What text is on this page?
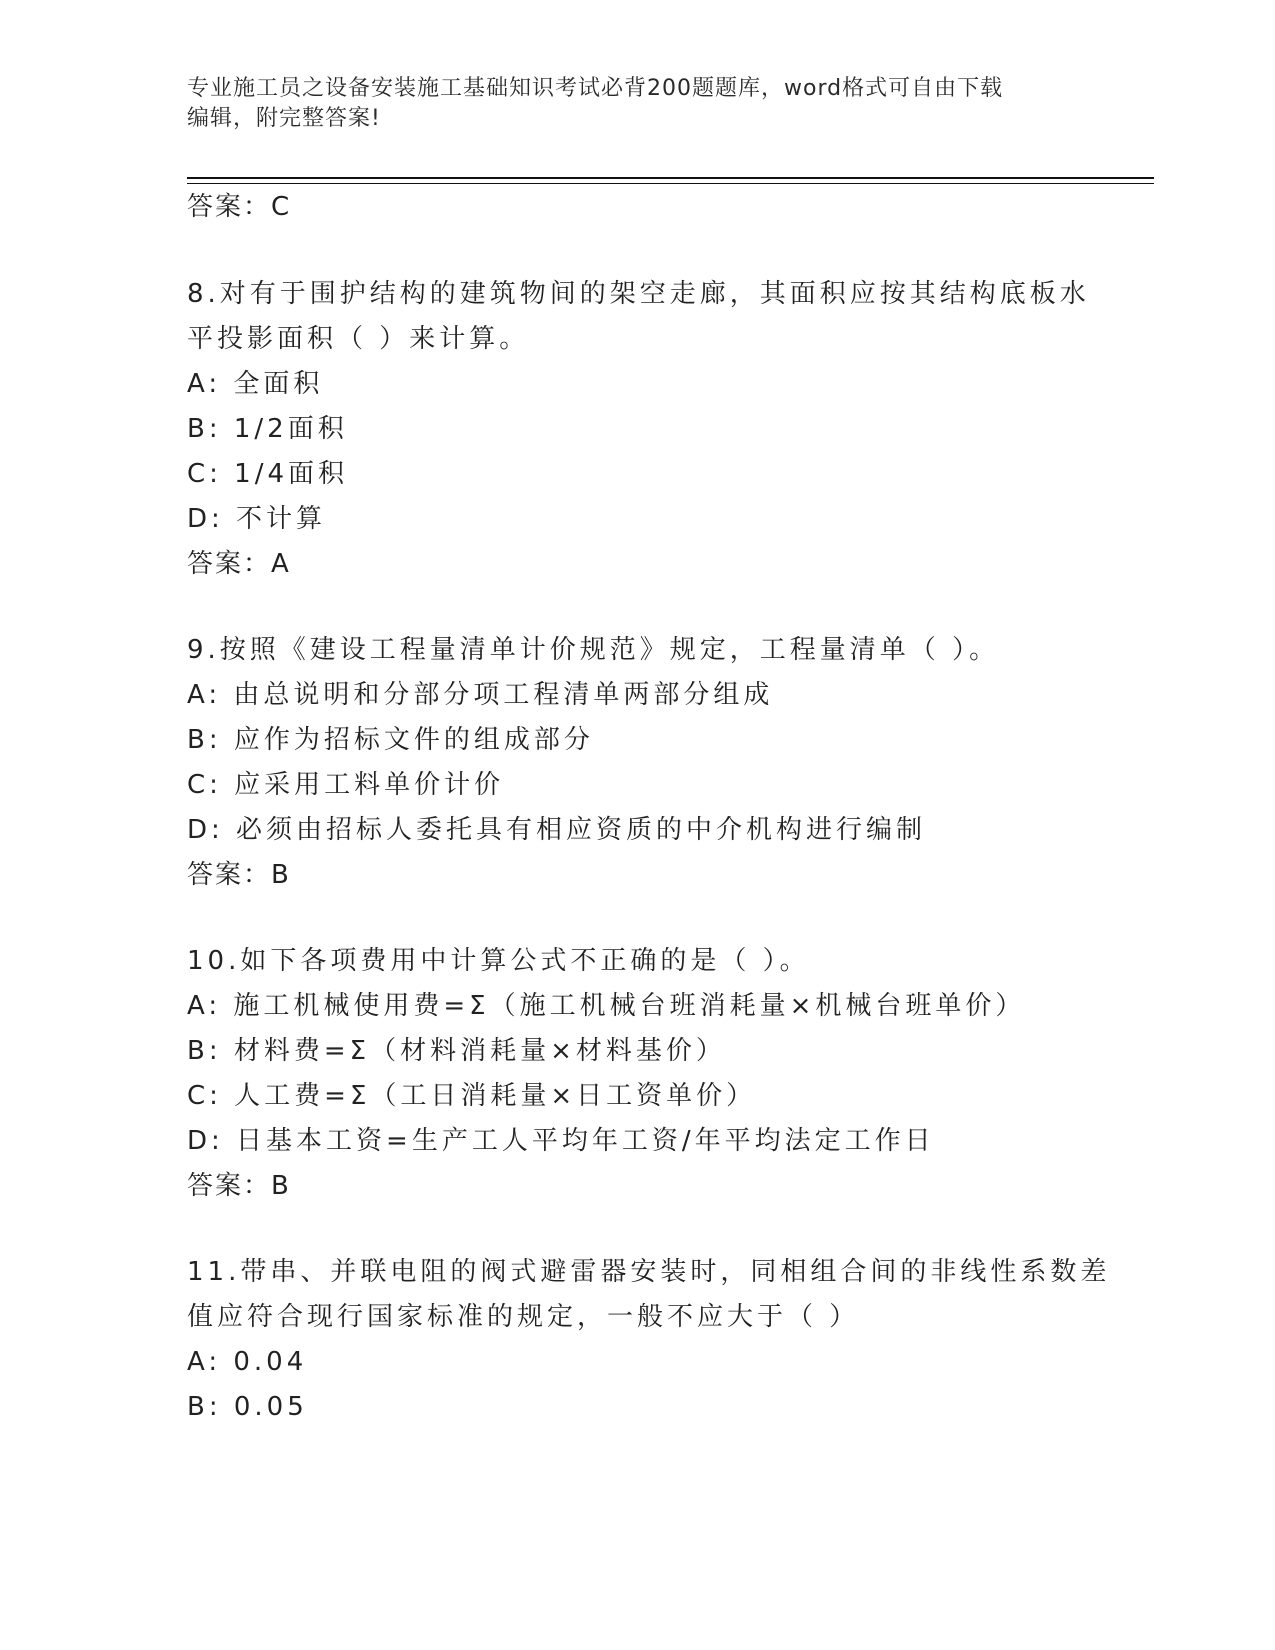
专业施工员之设备安装施工基础知识考试必背200题题库，word格式可自由下载
编辑，附完整答案!
答案：C
8.对有于围护结构的建筑物间的架空走廊，其面积应按其结构底板水
平投影面积（ ）来计算。
A: 全面积
B: 1/2面积
C: 1/4面积
D: 不计算
答案：A
9.按照《建设工程量清单计价规范》规定，工程量清单（ ）。
A: 由总说明和分部分项工程清单两部分组成
B: 应作为招标文件的组成部分
C: 应采用工料单价计价
D: 必须由招标人委托具有相应资质的中介机构进行编制
答案：B
10.如下各项费用中计算公式不正确的是（ ）。
A: 施工机械使用费=Σ（施工机械台班消耗量×机械台班单价）
B: 材料费=Σ（材料消耗量×材料基价）
C: 人工费=Σ（工日消耗量×日工资单价）
D: 日基本工资=生产工人平均年工资/年平均法定工作日
答案：B
11.带串、并联电阻的阀式避雷器安装时，同相组合间的非线性系数差
值应符合现行国家标准的规定，一般不应大于（ ）
A: 0.04
B: 0.05
